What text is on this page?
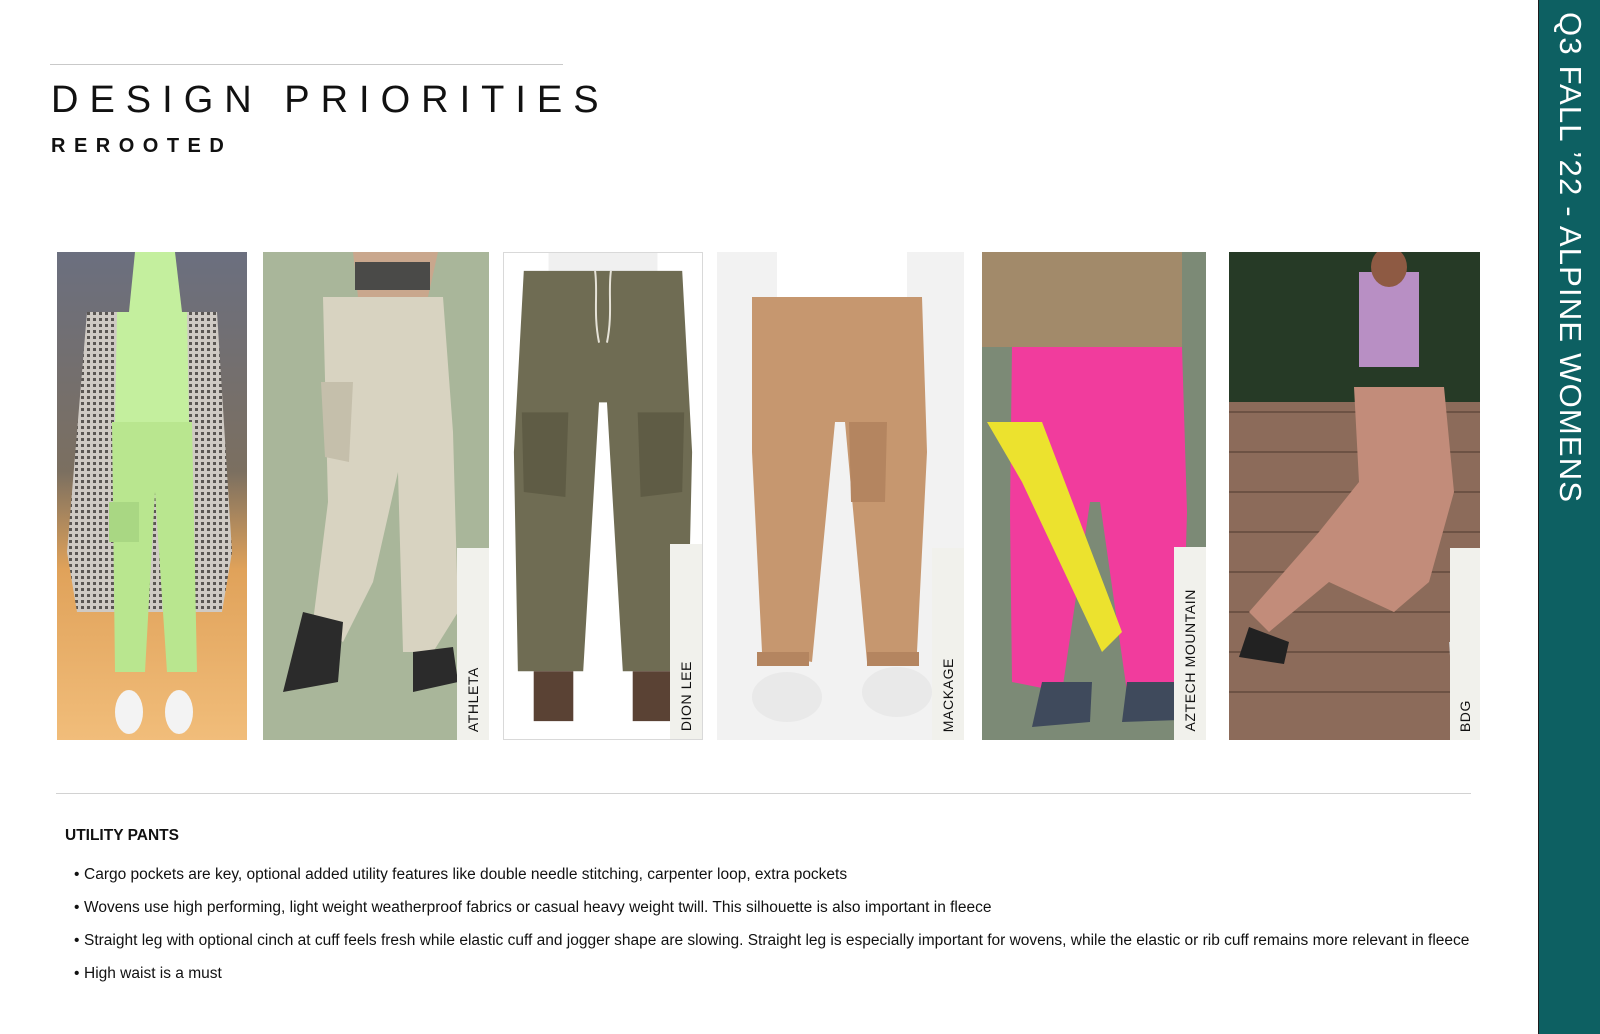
DESIGN PRIORITIES
REROOTED	Q3 FALL ’22 - ALPINE WOMENS
ATHLETA	DION LEE	MACKAGE	AZTECH MOUNTAIN	BDG
UTILITY PANTS

• Cargo pockets are key, optional added utility features like double needle stitching, carpenter loop, extra pockets

• Wovens use high performing, light weight weatherproof fabrics or casual heavy weight twill. This silhouette is also important in fleece

• Straight leg with optional cinch at cuff feels fresh while elastic cuff and jogger shape are slowing. Straight leg is especially important for wovens, while the elastic or rib cuff remains more relevant in fleece

• High waist is a must
